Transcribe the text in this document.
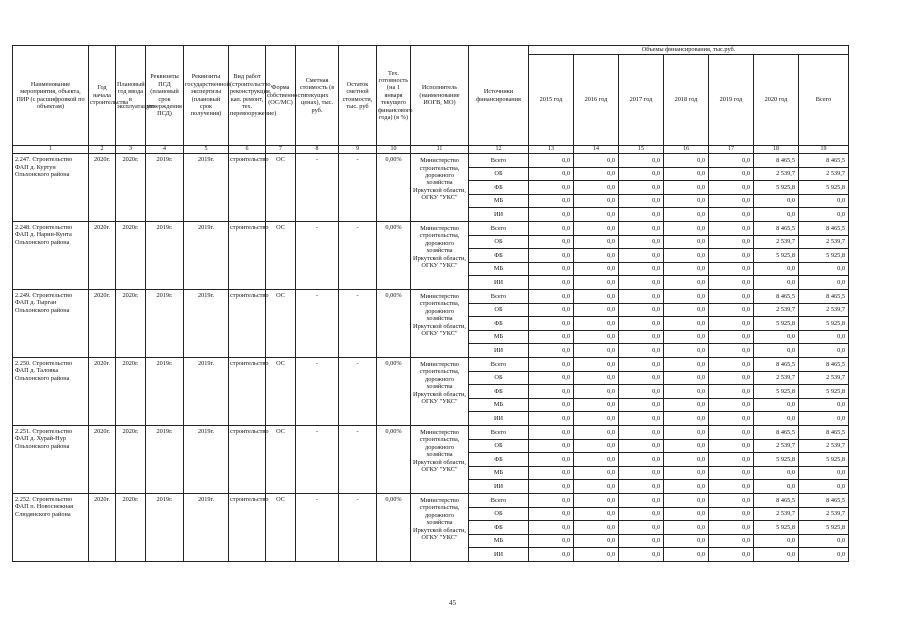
Наименование мероприятия, объекта, ПИР (с расшифровкой по объектам)	Год начала строительства	Плановый год ввода в эксплуатацию	Реквизиты ПСД (плановый срок утверждения ПСД)	Реквизиты государственной экспертизы (плановый срок получения)	Вид работ (строительство, реконструкция, кап. ремонт, тех. перевооружение)	Форма собственности (ОС/МС)	Сметная стоимость (в текущих ценах), тыс. руб.	Остаток сметной стоимости, тыс. руб	Тех. готовность (на 1 января текущего финансового года) (в %)	Исполнитель (наименование ИОГВ, МО)	Источники финансирования	Объемы финансирования, тыс.руб.						
												2015 год	2016 год	2017 год	2018 год	2019 год	2020 год	Всего
1	2	3	4	5	6	7	8	9	10	11	12	13	14	15	16	17	18	19
2.247. Строительство ФАП д. Куртун Ольхонского района	2020г.	2020г.	2019г.	2019г.	строительство	ОС	-	-	0,00%	Министерство строительства, дорожного хозяйства Иркутской области, ОГКУ "УКС"	Всего	0,0	0,0	0,0	0,0	0,0	8 465,5	8 465,5
											ОБ	0,0	0,0	0,0	0,0	0,0	2 539,7	2 539,7
											ФБ	0,0	0,0	0,0	0,0	0,0	5 925,8	5 925,8
											МБ	0,0	0,0	0,0	0,0	0,0	0,0	0,0
											ИИ	0,0	0,0	0,0	0,0	0,0	0,0	0,0
2.248. Строительство ФАП д. Нарин-Кунта Ольхонского района	2020г.	2020г.	2019г.	2019г.	строительство	ОС	-	-	0,00%	Министерство строительства, дорожного хозяйства Иркутской области, ОГКУ "УКС"	Всего	0,0	0,0	0,0	0,0	0,0	8 465,5	8 465,5
											ОБ	0,0	0,0	0,0	0,0	0,0	2 539,7	2 539,7
											ФБ	0,0	0,0	0,0	0,0	0,0	5 925,8	5 925,8
											МБ	0,0	0,0	0,0	0,0	0,0	0,0	0,0
											ИИ	0,0	0,0	0,0	0,0	0,0	0,0	0,0
2.249. Строительство ФАП д. Тырган Ольхонского района	2020г.	2020г.	2019г.	2019г.	строительство	ОС	-	-	0,00%	Министерство строительства, дорожного хозяйства Иркутской области, ОГКУ "УКС"	Всего	0,0	0,0	0,0	0,0	0,0	8 465,5	8 465,5
											ОБ	0,0	0,0	0,0	0,0	0,0	2 539,7	2 539,7
											ФБ	0,0	0,0	0,0	0,0	0,0	5 925,8	5 925,8
											МБ	0,0	0,0	0,0	0,0	0,0	0,0	0,0
											ИИ	0,0	0,0	0,0	0,0	0,0	0,0	0,0
2.250. Строительство ФАП д. Таловка Ольхонского района	2020г.	2020г.	2019г.	2019г.	строительство	ОС	-	-	0,00%	Министерство строительства, дорожного хозяйства Иркутской области, ОГКУ "УКС"	Всего	0,0	0,0	0,0	0,0	0,0	8 465,5	8 465,5
											ОБ	0,0	0,0	0,0	0,0	0,0	2 539,7	2 539,7
											ФБ	0,0	0,0	0,0	0,0	0,0	5 925,8	5 925,8
											МБ	0,0	0,0	0,0	0,0	0,0	0,0	0,0
											ИИ	0,0	0,0	0,0	0,0	0,0	0,0	0,0
2.251. Строительство ФАП д. Хурай-Нур Ольхонского района	2020г.	2020г.	2019г.	2019г.	строительство	ОС	-	-	0,00%	Министерство строительства, дорожного хозяйства Иркутской области, ОГКУ "УКС"	Всего	0,0	0,0	0,0	0,0	0,0	8 465,5	8 465,5
											ОБ	0,0	0,0	0,0	0,0	0,0	2 539,7	2 539,7
											ФБ	0,0	0,0	0,0	0,0	0,0	5 925,8	5 925,8
											МБ	0,0	0,0	0,0	0,0	0,0	0,0	0,0
											ИИ	0,0	0,0	0,0	0,0	0,0	0,0	0,0
2.252. Строительство ФАП п. Новоснежная Слюдянского района	2020г.	2020г.	2019г.	2019г.	строительство	ОС	-	-	0,00%	Министерство строительства, дорожного хозяйства Иркутской области, ОГКУ "УКС"	Всего	0,0	0,0	0,0	0,0	0,0	8 465,5	8 465,5
											ОБ	0,0	0,0	0,0	0,0	0,0	2 539,7	2 539,7
											ФБ	0,0	0,0	0,0	0,0	0,0	5 925,8	5 925,8
											МБ	0,0	0,0	0,0	0,0	0,0	0,0	0,0
											ИИ	0,0	0,0	0,0	0,0	0,0	0,0	0,0
45
